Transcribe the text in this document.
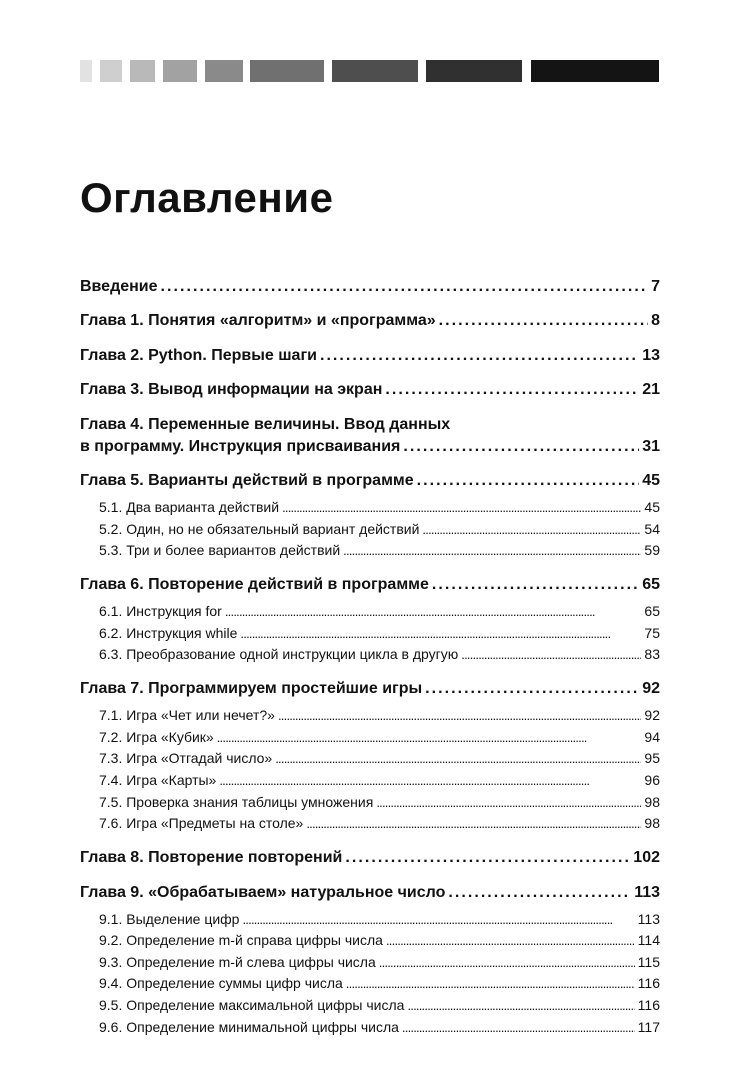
Оглавление
Введение . . .	7
Глава 1. Понятия «алгоритм» и «программа» . . .	8
Глава 2. Python. Первые шаги . . .	13
Глава 3. Вывод информации на экран . . .	21
Глава 4. Переменные величины. Ввод данных
в программу. Инструкция присваивания . . .	31
Глава 5. Варианты действий в программе . . .	45
5.1. Два варианта действий . . .	45
5.2. Один, но не обязательный вариант действий . . .	54
5.3. Три и более вариантов действий . . .	59
Глава 6. Повторение действий в программе . . .	65
6.1. Инструкция for . . .	65
6.2. Инструкция while . . .	75
6.3. Преобразование одной инструкции цикла в другую . . .	83
Глава 7. Программируем простейшие игры . . .	92
7.1. Игра «Чет или нечет?» . . .	92
7.2. Игра «Кубик» . . .	94
7.3. Игра «Отгадай число» . . .	95
7.4. Игра «Карты» . . .	96
7.5. Проверка знания таблицы умножения . . .	98
7.6. Игра «Предметы на столе» . . .	98
Глава 8. Повторение повторений . . .	102
Глава 9. «Обрабатываем» натуральное число . . .	113
9.1. Выделение цифр . . .	113
9.2. Определение m-й справа цифры числа . . .	114
9.3. Определение m-й слева цифры числа . . .	115
9.4. Определение суммы цифр числа . . .	116
9.5. Определение максимальной цифры числа . . .	116
9.6. Определение минимальной цифры числа . . .	117
